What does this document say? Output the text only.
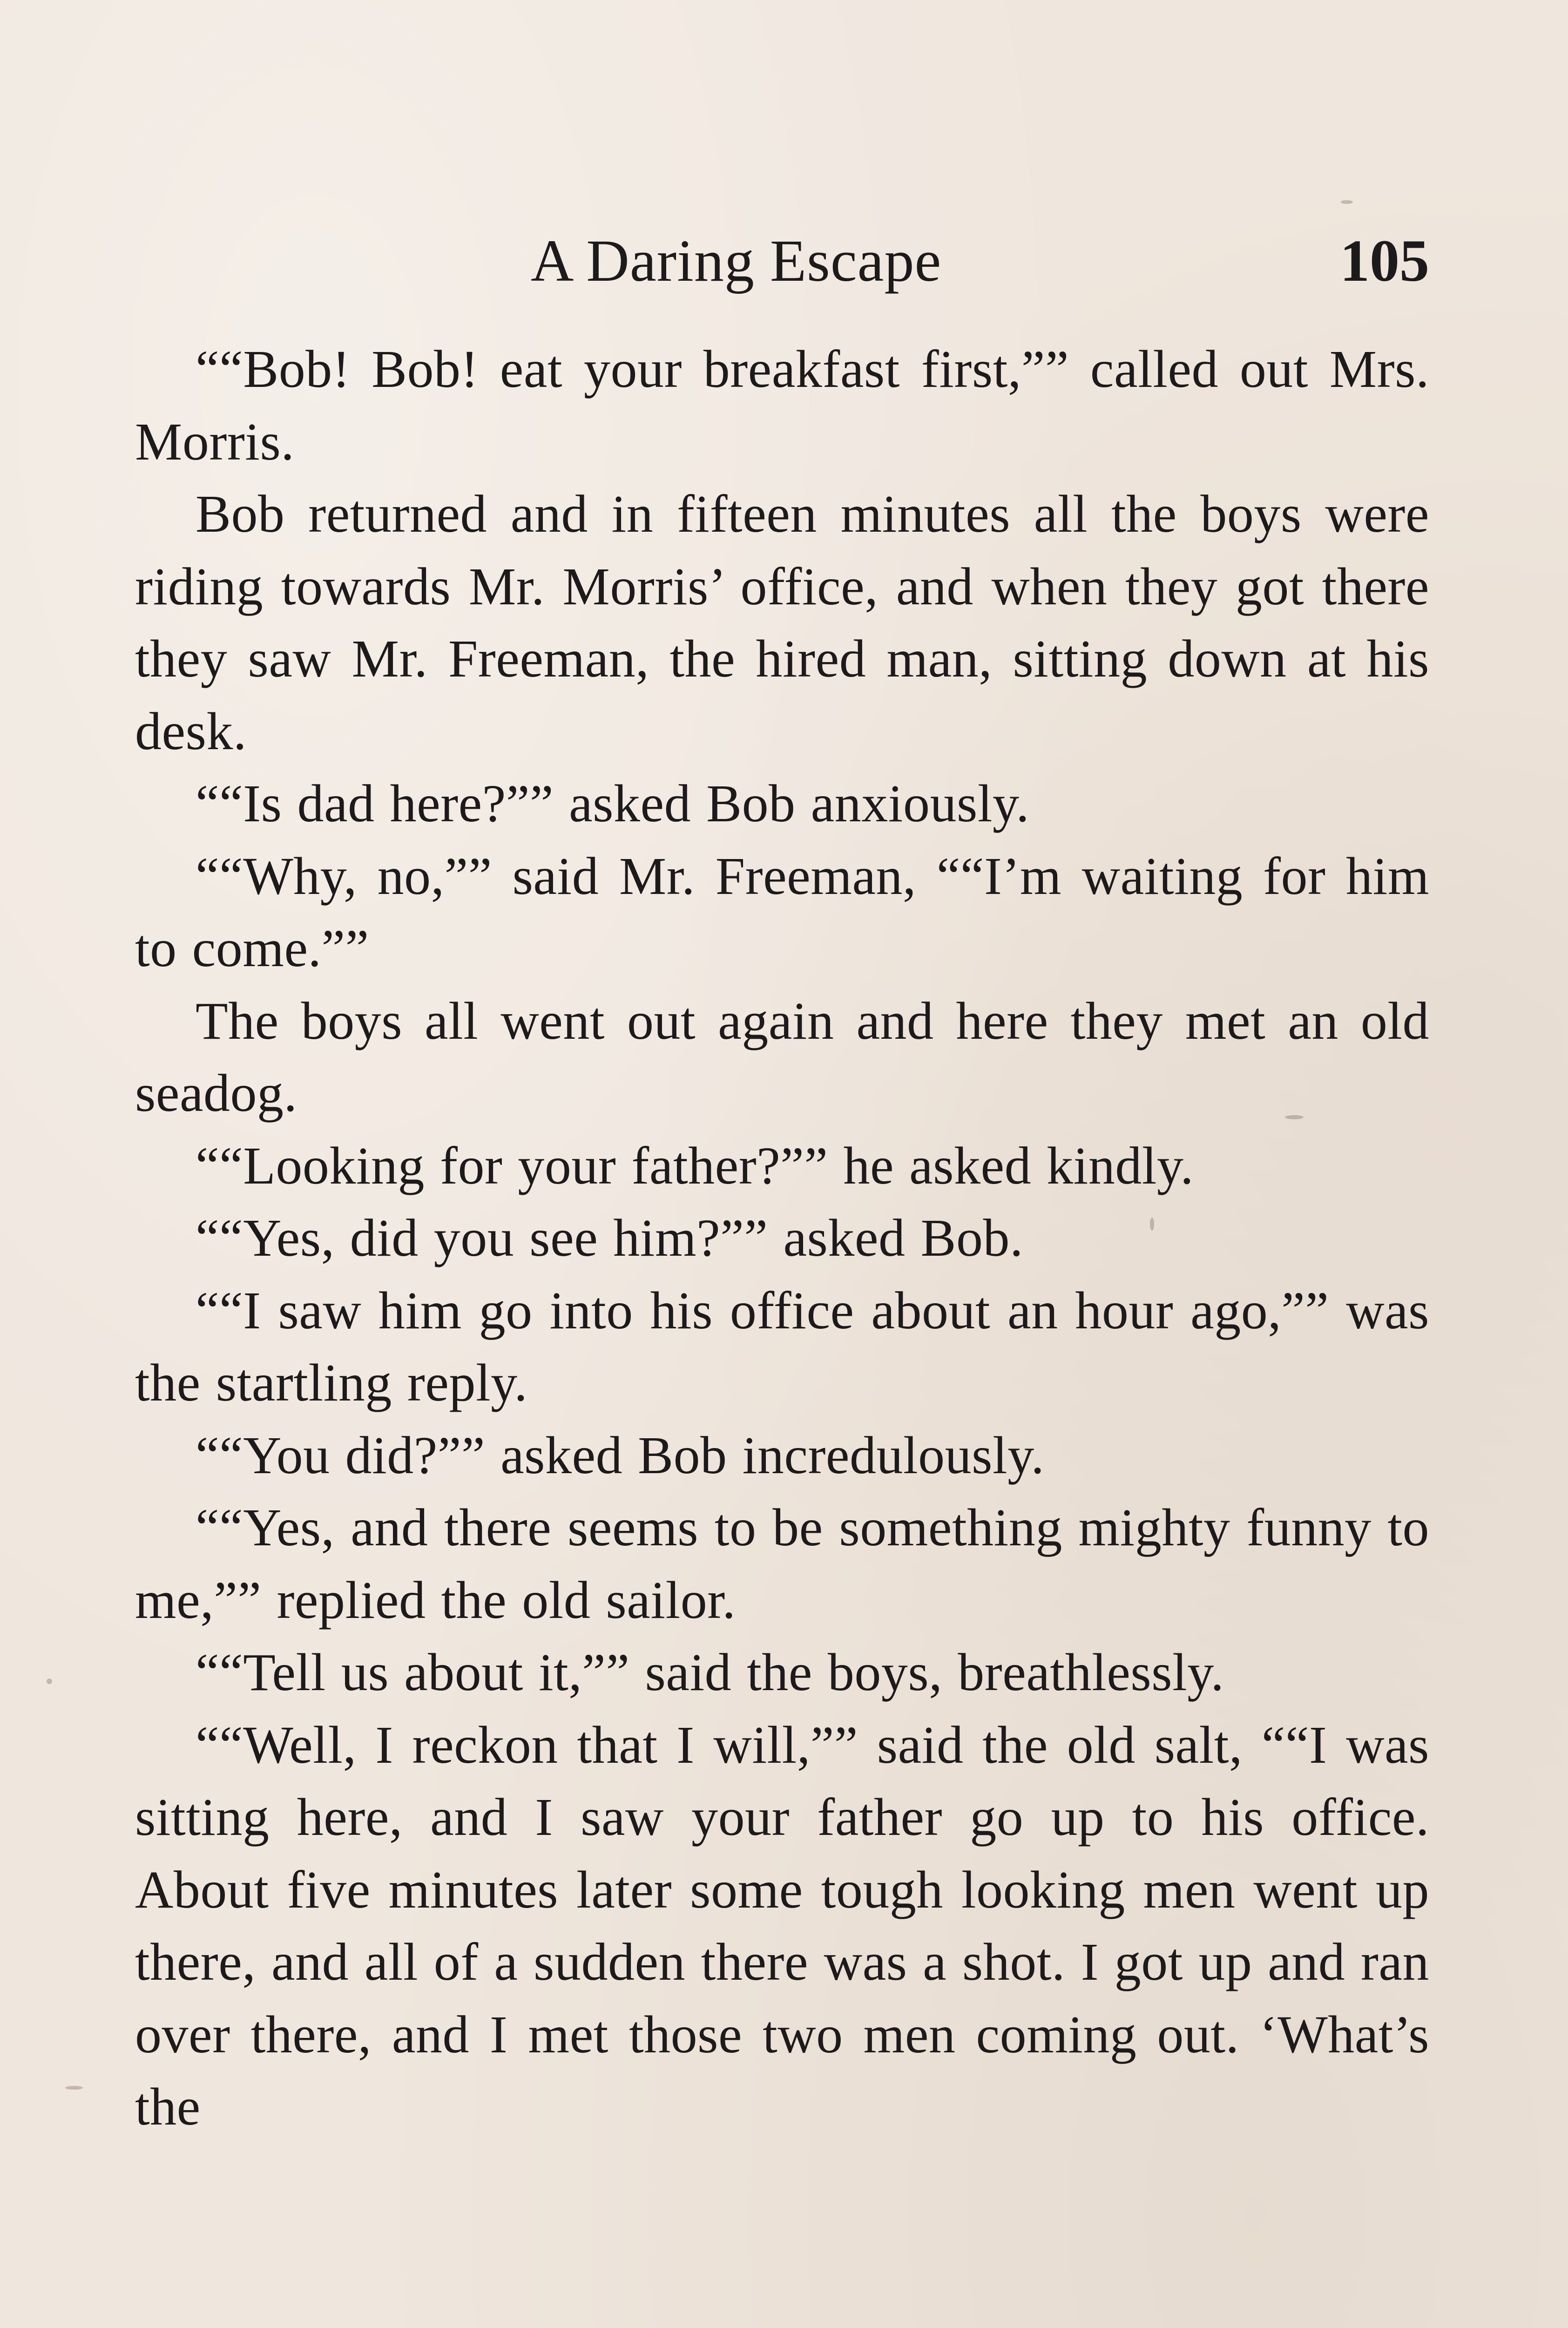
A Daring Escape	105

““Bob! Bob! eat your breakfast first,”” called out Mrs. Morris.

Bob returned and in fifteen minutes all the boys were riding towards Mr. Morris’ office, and when they got there they saw Mr. Freeman, the hired man, sitting down at his desk.

““Is dad here?”” asked Bob anxiously.

““Why, no,”” said Mr. Freeman, ““I’m waiting for him to come.””

The boys all went out again and here they met an old seadog.

““Looking for your father?”” he asked kindly.

““Yes, did you see him?”” asked Bob.

““I saw him go into his office about an hour ago,”” was the startling reply.

““You did?”” asked Bob incredulously.

““Yes, and there seems to be something mighty funny to me,”” replied the old sailor.

““Tell us about it,”” said the boys, breathlessly.

““Well, I reckon that I will,”” said the old salt, ““I was sitting here, and I saw your father go up to his office. About five minutes later some tough looking men went up there, and all of a sudden there was a shot. I got up and ran over there, and I met those two men coming out. ‘What’s the
